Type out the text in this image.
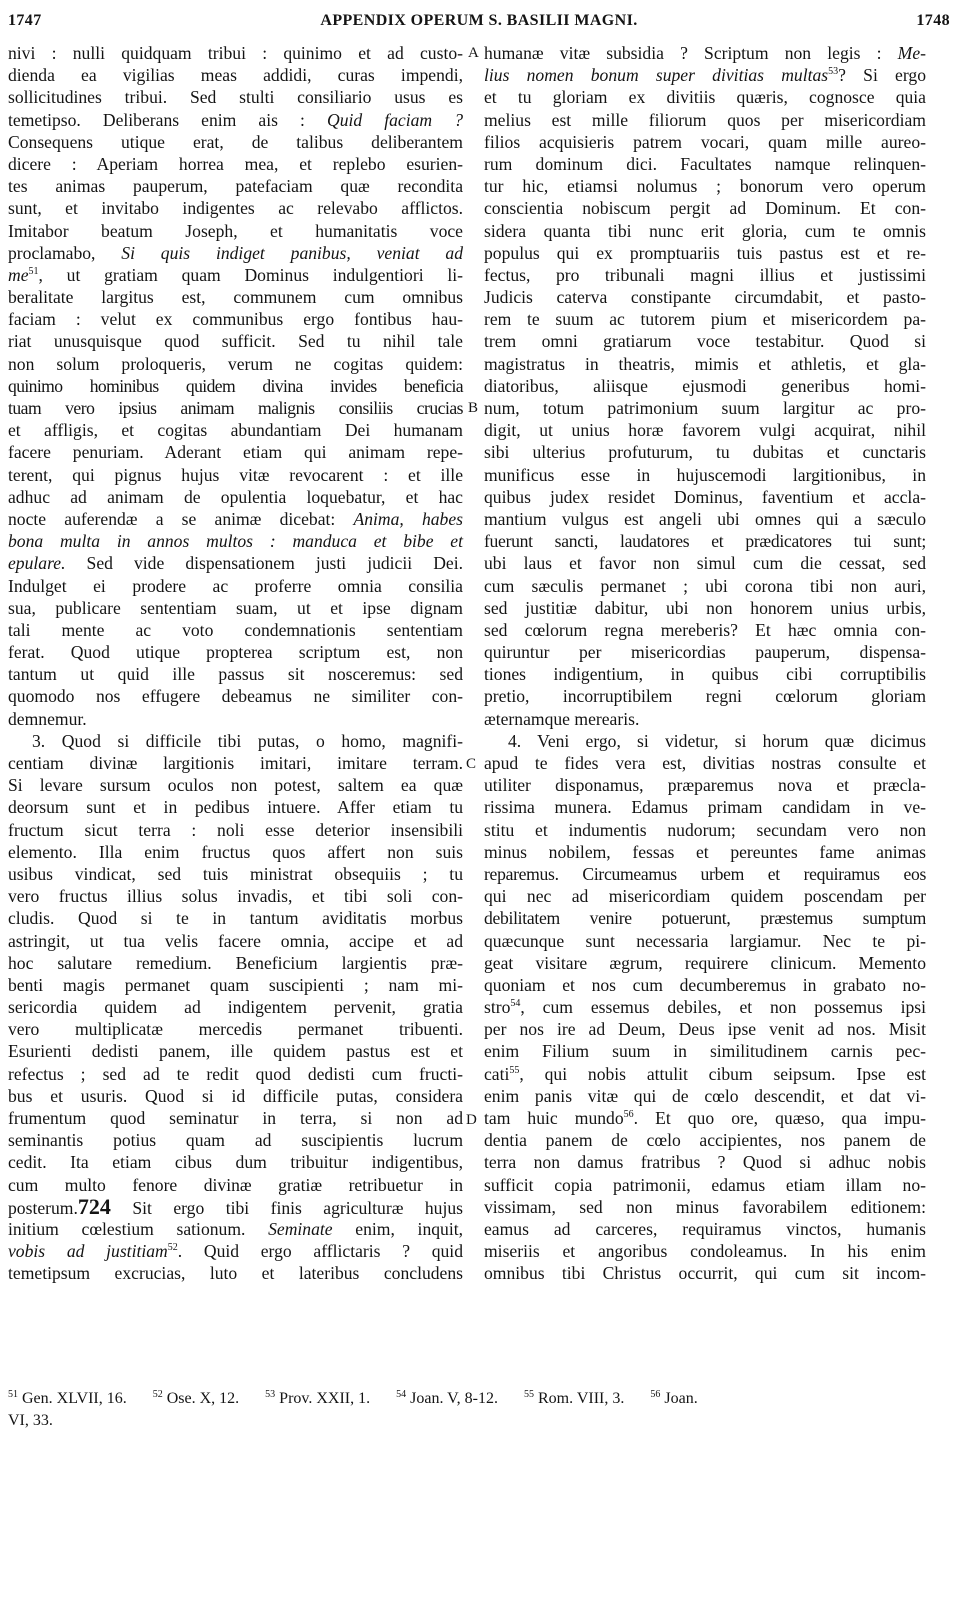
1747	APPENDIX OPERUM S. BASILII MAGNI.	1748
nivi : nulli quidquam tribui : quinimo et ad custo-
dienda ea vigilias meas addidi, curas impendi,
sollicitudines tribui. Sed stulti consiliario usus es
temetipso. Deliberans enim ais : Quid faciam ?
Consequens utique erat, de talibus deliberantem
dicere : Aperiam horrea mea, et replebo esurien-
tes animas pauperum, patefaciam quæ recondita
sunt, et invitabo indigentes ac relevabo afflictos.
Imitabor beatum Joseph, et humanitatis voce
proclamabo, Si quis indiget panibus, veniat ad
$me^{51}$, ut gratiam quam Dominus indulgentiori li-
beralitate largitus est, communem cum omnibus
faciam : velut ex communibus ergo fontibus hau-
riat unusquisque quod sufficit. Sed tu nihil tale
non solum proloqueris, verum ne cogitas quidem:
quinimo hominibus quidem divina invides beneficia
tuam vero ipsius animam malignis consiliis crucias
et affligis, et cogitas abundantiam Dei humanam
facere penuriam. Aderant etiam qui animam repe-
terent, qui pignus hujus vitæ revocarent : et ille
adhuc ad animam de opulentia loquebatur, et hac
nocte auferendæ a se animæ dicebat: Anima, habes
bona multa in annos multos : manduca et bibe et
epulare. Sed vide dispensationem justi judicii Dei.
Indulget ei prodere ac proferre omnia consilia
sua, publicare sententiam suam, ut et ipse dignam
tali mente ac voto condemnationis sententiam
ferat. Quod utique propterea scriptum est, non
tantum ut quid ille passus sit nosceremus: sed
quomodo nos effugere debeamus ne similiter con-
demnemur.
3. Quod si difficile tibi putas, o homo, magnifi-
centiam divinæ largitionis imitari, imitare terram.
Si levare sursum oculos non potest, saltem ea quæ
deorsum sunt et in pedibus intuere. Affer etiam tu
fructum sicut terra : noli esse deterior insensibili
elemento. Illa enim fructus quos affert non suis
usibus vindicat, sed tuis ministrat obsequiis ; tu
vero fructus illius solus invadis, et tibi soli con-
cludis. Quod si te in tantum aviditatis morbus
astringit, ut tua velis facere omnia, accipe et ad
hoc salutare remedium. Beneficium largientis præ-
benti magis permanet quam suscipienti ; nam mi-
sericordia quidem ad indigentem pervenit, gratia
vero multiplicatæ mercedis permanet tribuenti.
Esurienti dedisti panem, ille quidem pastus est et
refectus ; sed ad te redit quod dedisti cum fructi-
bus et usuris. Quod si id difficile putas, considera
frumentum quod seminatur in terra, si non ad
seminantis potius quam ad suscipientis lucrum
cedit. Ita etiam cibus dum tribuitur indigentibus,
cum multo fenore divinæ gratiæ retribuetur in
posterum.724 Sit ergo tibi finis agriculturæ hujus
initium cœlestium sationum. Seminate enim, inquit,
vobis ad justitiam$^{52}$. Quid ergo afflictaris ? quid
temetipsum excrucias, luto et lateribus concludens
A
B
C
D
humanæ vitæ subsidia ? Scriptum non legis : Me-
lius nomen bonum super divitias multas$^{53}$? Si ergo
et tu gloriam ex divitiis quæris, cognosce quia
melius est mille filiorum quos per misericordiam
filios acquisieris patrem vocari, quam mille aureo-
rum dominum dici. Facultates namque relinquen-
tur hic, etiamsi nolumus ; bonorum vero operum
conscientia nobiscum pergit ad Dominum. Et con-
sidera quanta tibi nunc erit gloria, cum te omnis
populus qui ex promptuariis tuis pastus est et re-
fectus, pro tribunali magni illius et justissimi
Judicis caterva constipante circumdabit, et pasto-
rem te suum ac tutorem pium et misericordem pa-
trem omni gratiarum voce testabitur. Quod si
magistratus in theatris, mimis et athletis, et gla-
diatoribus, aliisque ejusmodi generibus homi-
num, totum patrimonium suum largitur ac pro-
digit, ut unius horæ favorem vulgi acquirat, nihil
sibi ulterius profuturum, tu dubitas et cunctaris
munificus esse in hujuscemodi largitionibus, in
quibus judex residet Dominus, faventium et accla-
mantium vulgus est angeli ubi omnes qui a sæculo
fuerunt sancti, laudatores et prædicatores tui sunt;
ubi laus et favor non simul cum die cessat, sed
cum sæculis permanet ; ubi corona tibi non auri,
sed justitiæ dabitur, ubi non honorem unius urbis,
sed cœlorum regna mereberis? Et hæc omnia con-
quiruntur per misericordias pauperum, dispensa-
tiones indigentium, in quibus cibi corruptibilis
pretio, incorruptibilem regni cœlorum gloriam
æternamque merearis.
4. Veni ergo, si videtur, si horum quæ dicimus
apud te fides vera est, divitias nostras consulte et
utiliter disponamus, præparemus nova et præcla-
rissima munera. Edamus primam candidam in ve-
stitu et indumentis nudorum; secundam vero non
minus nobilem, fessas et pereuntes fame animas
reparemus. Circumeamus urbem et requiramus eos
qui nec ad misericordiam quidem poscendam per
debilitatem venire potuerunt, præstemus sumptum
quæcunque sunt necessaria largiamur. Nec te pi-
geat visitare ægrum, requirere clinicum. Memento
quoniam et nos cum decumberemus in grabato no-
stro$^{54}$, cum essemus debiles, et non possemus ipsi
per nos ire ad Deum, Deus ipse venit ad nos. Misit
enim Filium suum in similitudinem carnis pec-
cati$^{55}$, qui nobis attulit cibum seipsum. Ipse est
enim panis vitæ qui de cœlo descendit, et dat vi-
tam huic mundo$^{56}$. Et quo ore, quæso, qua impu-
dentia panem de cœlo accipientes, nos panem de
terra non damus fratribus ? Quod si adhuc nobis
sufficit copia patrimonii, edamus etiam illam no-
vissimam, sed non minus favorabilem editionem:
eamus ad carceres, requiramus vinctos, humanis
miseriis et angoribus condoleamus. In his enim
omnibus tibi Christus occurrit, qui cum sit incom-
$^{51}$ Gen. XLVII, 16.	$^{52}$ Ose. X, 12.	$^{53}$ Prov. XXII, 1.	$^{54}$ Joan. V, 8-12.	$^{55}$ Rom. VIII, 3.	$^{56}$ Joan.
VI, 33.
